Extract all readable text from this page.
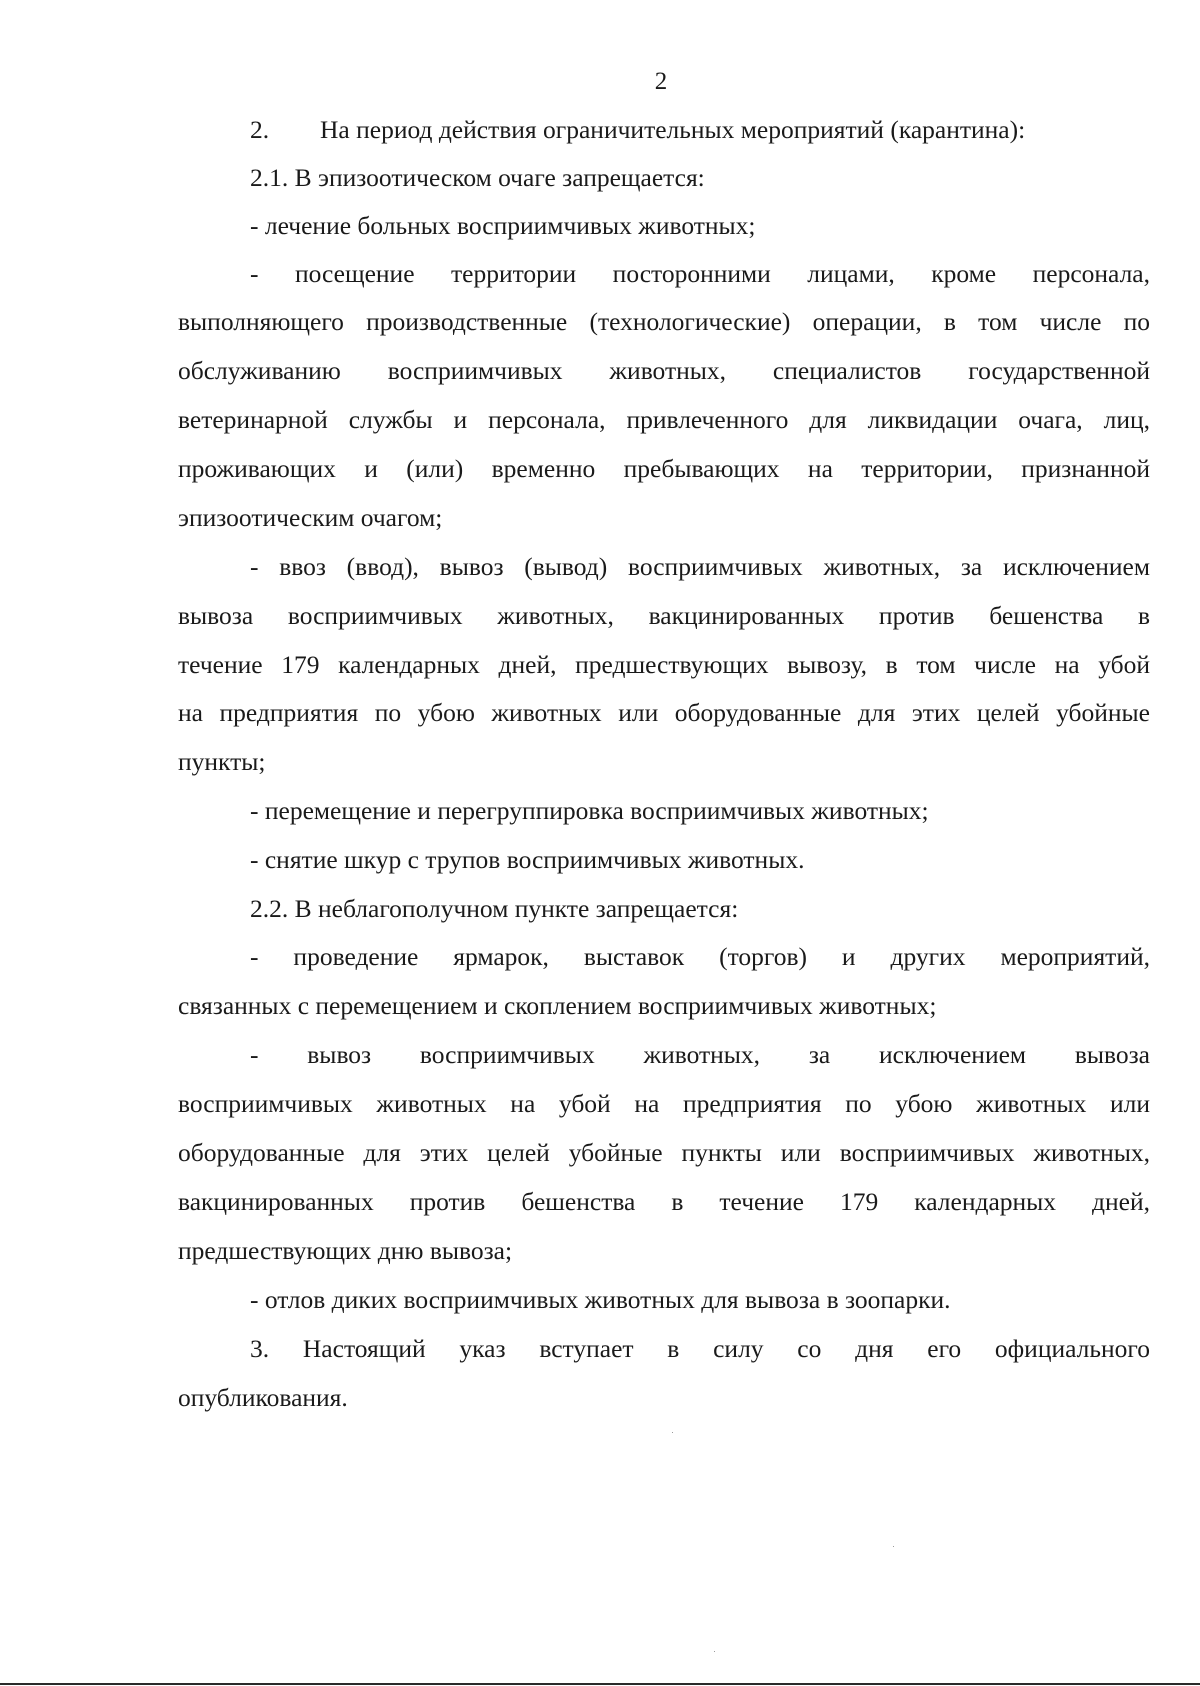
2

2. На период действия ограничительных мероприятий (карантина):

2.1. В эпизоотическом очаге запрещается:

- лечение больных восприимчивых животных;

- посещение территории посторонними лицами, кроме персонала,

выполняющего производственные (технологические) операции, в том числе по

обслуживанию восприимчивых животных, специалистов государственной

ветеринарной службы и персонала, привлеченного для ликвидации очага, лиц,

проживающих и (или) временно пребывающих на территории, признанной

эпизоотическим очагом;

- ввоз (ввод), вывоз (вывод) восприимчивых животных, за исключением

вывоза восприимчивых животных, вакцинированных против бешенства в

течение 179 календарных дней, предшествующих вывозу, в том числе на убой

на предприятия по убою животных или оборудованные для этих целей убойные

пункты;

- перемещение и перегруппировка восприимчивых животных;

- снятие шкур с трупов восприимчивых животных.

2.2. В неблагополучном пункте запрещается:

- проведение ярмарок, выставок (торгов) и других мероприятий,

связанных с перемещением и скоплением восприимчивых животных;

- вывоз восприимчивых животных, за исключением вывоза

восприимчивых животных на убой на предприятия по убою животных или

оборудованные для этих целей убойные пункты или восприимчивых животных,

вакцинированных против бешенства в течение 179 календарных дней,

предшествующих дню вывоза;

- отлов диких восприимчивых животных для вывоза в зоопарки.

3. Настоящий указ вступает в силу со дня его официального

опубликования.
